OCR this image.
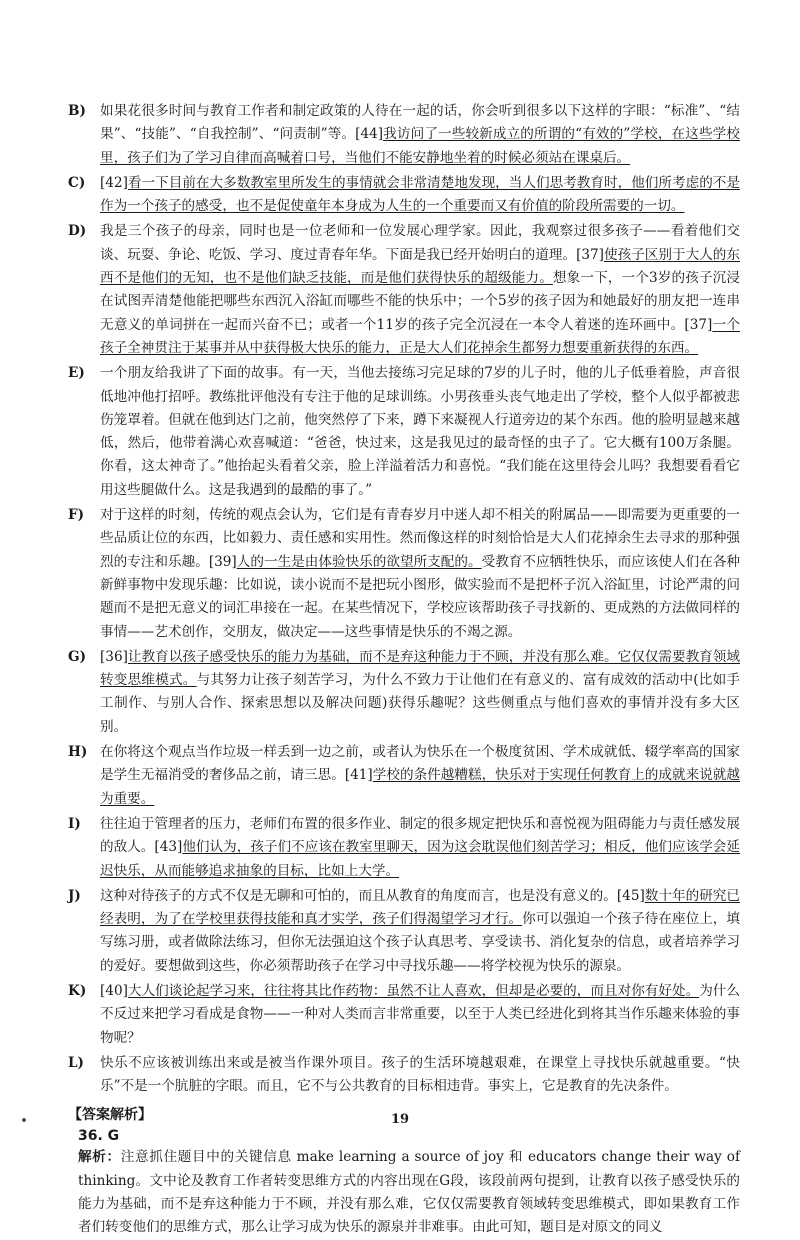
B) 如果花很多时间与教育工作者和制定政策的人待在一起的话，你会听到很多以下这样的字眼：“标准”、“结果”、“技能”、“自我控制”、“问责制”等。[44]我访问了一些较新成立的所谓的“有效的”学校，在这些学校里，孩子们为了学习自律而高喊着口号，当他们不能安静地坐着的时候必须站在课桌后。
C) [42]看一下目前在大多数教室里所发生的事情就会非常清楚地发现，当人们思考教育时，他们所考虑的不是作为一个孩子的感受，也不是促使童年本身成为人生的一个重要而又有价值的阶段所需要的一切。
D) 我是三个孩子的母亲，同时也是一位老师和一位发展心理学家。因此，我观察过很多孩子——看着他们交谈、玩耍、争论、吃饭、学习、度过青春年华。下面是我已经开始明白的道理。[37]使孩子区别于大人的东西不是他们的无知，也不是他们缺乏技能，而是他们获得快乐的超级能力。想象一下，一个3岁的孩子沉浸在试图弄清楚他能把哪些东西沉入浴缸而哪些不能的快乐中；一个5岁的孩子因为和她最好的朋友把一连串无意义的单词拼在一起而兴奋不已；或者一个11岁的孩子完全沉浸在一本令人着迷的连环画中。[37]一个孩子全神贯注于某事并从中获得极大快乐的能力，正是大人们花掉余生都努力想要重新获得的东西。
E) 一个朋友给我讲了下面的故事。有一天，当他去接练习完足球的7岁的儿子时，他的儿子低垂着脸，声音很低地冲他打招呼。教练批评他没有专注于他的足球训练。小男孩垂头丧气地走出了学校，整个人似乎都被悲伤笼罩着。但就在他到达门之前，他突然停了下来，蹲下来凝视人行道旁边的某个东西。他的脸明显越来越低，然后，他带着满心欢喜喊道：“爸爸，快过来，这是我见过的最奇怪的虫子了。它大概有100万条腿。你看，这太神奇了。”他抬起头看着父亲，脸上洋溢着活力和喜悦。“我们能在这里待会儿吗？我想要看看它用这些腿做什么。这是我遇到的最酷的事了。”
F) 对于这样的时刻，传统的观点会认为，它们是有青春岁月中迷人却不相关的附属品——即需要为更重要的一些品质让位的东西，比如毅力、责任感和实用性。然而像这样的时刻恰恰是大人们花掉余生去寻求的那种强烈的专注和乐趣。[39]人的一生是由体验快乐的欲望所支配的。受教育不应牺牲快乐，而应该使人们在各种新鲜事物中发现乐趣：比如说，读小说而不是把玩小图形，做实验而不是把杯子沉入浴缸里，讨论严肃的问题而不是把无意义的词汇串接在一起。在某些情况下，学校应该帮助孩子寻找新的、更成熟的方法做同样的事情——艺术创作，交朋友，做决定——这些事情是快乐的不竭之源。
G) [36]让教育以孩子感受快乐的能力为基础，而不是弃这种能力于不顾，并没有那么难。它仅仅需要教育领域转变思维模式。与其努力让孩子刻苦学习，为什么不致力于让他们在有意义的、富有成效的活动中(比如手工制作、与别人合作、探索思想以及解决问题)获得乐趣呢？这些侧重点与他们喜欢的事情并没有多大区别。
H) 在你将这个观点当作垃圾一样丢到一边之前，或者认为快乐在一个极度贫困、学术成就低、辍学率高的国家是学生无福消受的奢侈品之前，请三思。[41]学校的条件越糟糕，快乐对于实现任何教育上的成就来说就越为重要。
I) 往往迫于管理者的压力，老师们布置的很多作业、制定的很多规定把快乐和喜悦视为阻碍能力与责任感发展的敌人。[43]他们认为，孩子们不应该在教室里聊天，因为这会耽误他们刻苦学习；相反，他们应该学会延迟快乐，从而能够追求抽象的目标，比如上大学。
J) 这种对待孩子的方式不仅是无聊和可怕的，而且从教育的角度而言，也是没有意义的。[45]数十年的研究已经表明，为了在学校里获得技能和真才实学，孩子们得渴望学习才行。你可以强迫一个孩子待在座位上，填写练习册，或者做除法练习，但你无法强迫这个孩子认真思考、享受读书、消化复杂的信息，或者培养学习的爱好。要想做到这些，你必须帮助孩子在学习中寻找乐趣——将学校视为快乐的源泉。
K) [40]大人们谈论起学习来，往往将其比作药物：虽然不让人喜欢，但却是必要的，而且对你有好处。为什么不反过来把学习看成是食物——一种对人类而言非常重要，以至于人类已经进化到将其当作乐趣来体验的事物呢？
L) 快乐不应该被训练出来或是被当作课外项目。孩子的生活环境越艰难，在课堂上寻找快乐就越重要。“快乐”不是一个肮脏的字眼。而且，它不与公共教育的目标相违背。事实上，它是教育的先决条件。
【答案解析】
36. G
解析：注意抓住题目中的关键信息 make learning a source of joy 和 educators change their way of thinking。文中论及教育工作者转变思维方式的内容出现在G段，该段前两句提到，让教育以孩子感受快乐的能力为基础，而不是弃这种能力于不顾，并没有那么难，它仅仅需要教育领域转变思维模式，即如果教育工作者们转变他们的思维方式，那么让学习成为快乐的源泉并非难事。由此可知，题目是对原文的同义
19
